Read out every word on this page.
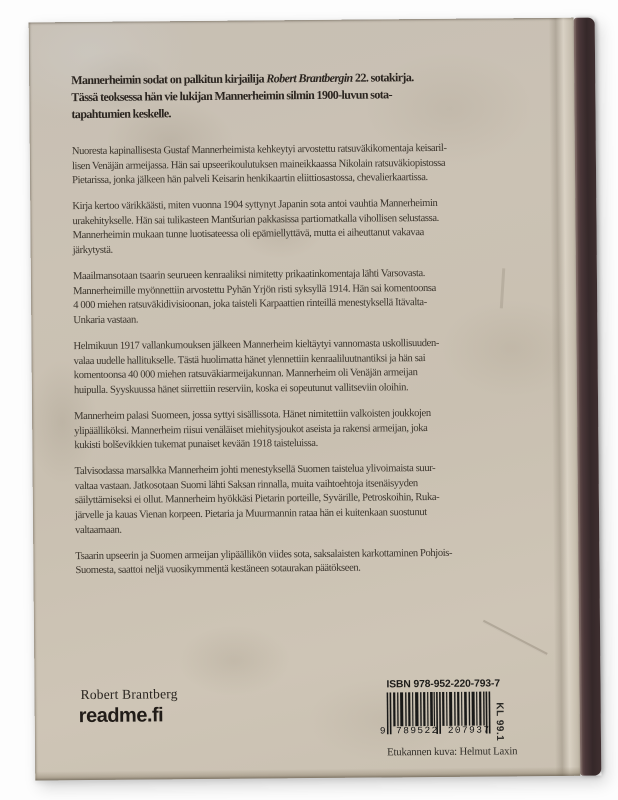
Mannerheimin sodat on palkitun kirjailija Robert Brantbergin 22. sotakirja.
Tässä teoksessa hän vie lukijan Mannerheimin silmin 1900-luvun sota-
tapahtumien keskelle.

Nuoresta kapinallisesta Gustaf Mannerheimista kehkeytyi arvostettu ratsuväkikomentaja keisaril-
lisen Venäjän armeijassa. Hän sai upseerikoulutuksen maineikkaassa Nikolain ratsuväkiopistossa
Pietarissa, jonka jälkeen hän palveli Keisarin henkikaartin eliittiosastossa, chevalierkaartissa.

Kirja kertoo värikkäästi, miten vuonna 1904 syttynyt Japanin sota antoi vauhtia Mannerheimin
urakehitykselle. Hän sai tulikasteen Mantšurian pakkasissa partiomatkalla vihollisen selustassa.
Mannerheimin mukaan tunne luotisateessa oli epämiellyttävä, mutta ei aiheuttanut vakavaa
järkytystä.

Maailmansotaan tsaarin seurueen kenraaliksi nimitetty prikaatinkomentaja lähti Varsovasta.
Mannerheimille myönnettiin arvostettu Pyhän Yrjön risti syksyllä 1914. Hän sai komentoonsa
4 000 miehen ratsuväkidivisioonan, joka taisteli Karpaattien rinteillä menestyksellä Itävalta-
Unkaria vastaan.

Helmikuun 1917 vallankumouksen jälkeen Mannerheim kieltäytyi vannomasta uskollisuuden-
valaa uudelle hallitukselle. Tästä huolimatta hänet ylennettiin kenraaliluutnantiksi ja hän sai
komentoonsa 40 000 miehen ratsuväkiarmeijakunnan. Mannerheim oli Venäjän armeijan
huipulla. Syyskuussa hänet siirrettiin reserviin, koska ei sopeutunut vallitseviin oloihin.

Mannerheim palasi Suomeen, jossa syttyi sisällissota. Hänet nimitettiin valkoisten joukkojen
ylipäälliköksi. Mannerheim riisui venäläiset miehitysjoukot aseista ja rakensi armeijan, joka
kukisti bolševikkien tukemat punaiset kevään 1918 taisteluissa.

Talvisodassa marsalkka Mannerheim johti menestyksellä Suomen taistelua ylivoimaista suur-
valtaa vastaan. Jatkosotaan Suomi lähti Saksan rinnalla, muita vaihtoehtoja itsenäisyyden
säilyttämiseksi ei ollut. Mannerheim hyökkäsi Pietarin porteille, Syvärille, Petroskoihin, Ruka-
järvelle ja kauas Vienan korpeen. Pietaria ja Muurmannin rataa hän ei kuitenkaan suostunut
valtaamaan.

Tsaarin upseerin ja Suomen armeijan ylipäällikön viides sota, saksalaisten karkottaminen Pohjois-
Suomesta, saattoi neljä vuosikymmentä kestäneen sotaurakan päätökseen.

Robert Brantberg
readme.fi
ISBN 978-952-220-793-7
9 789522 207937 KL 99.1
Etukannen kuva: Helmut Laxin
